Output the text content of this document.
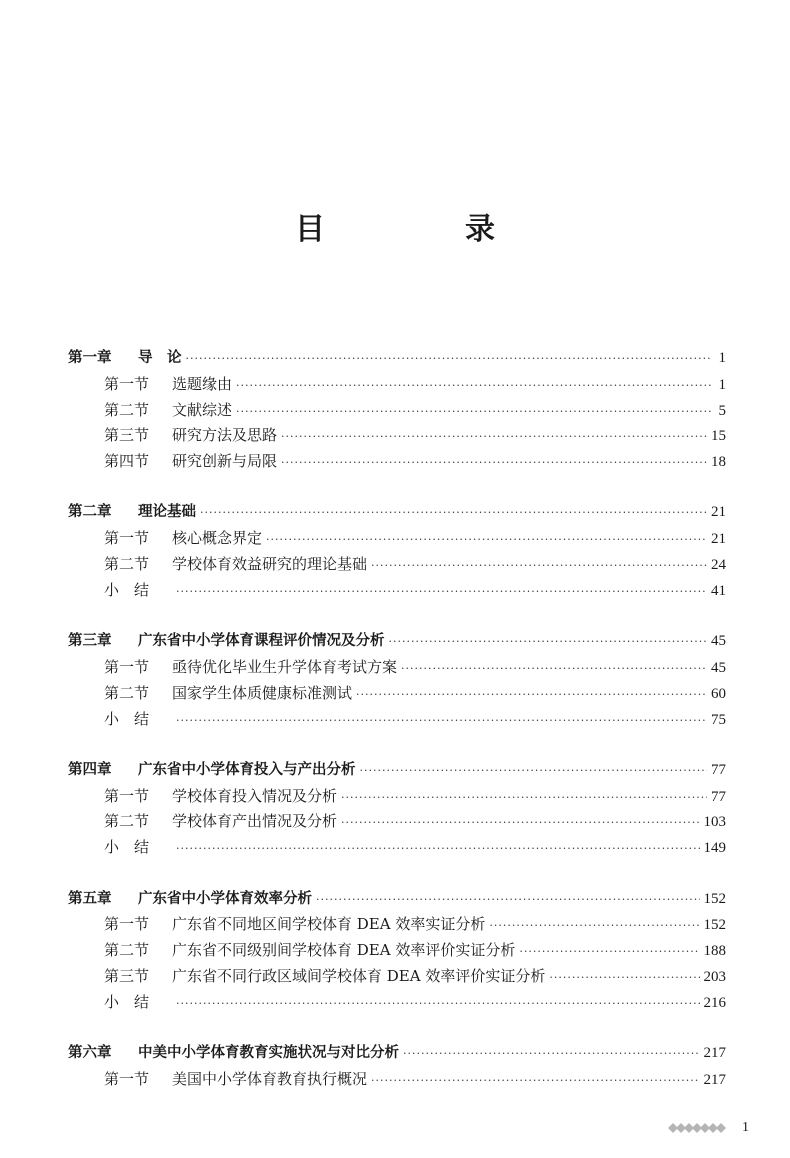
目　录
第一章	导　论 ·····	1
第一节	选题缘由 ·····	1
第二节	文献综述 ·····	5
第三节	研究方法及思路 ·····	15
第四节	研究创新与局限 ·····	18
第二章	理论基础 ·····	21
第一节	核心概念界定 ·····	21
第二节	学校体育效益研究的理论基础 ·····	24
小　结 ·····	41
第三章	广东省中小学体育课程评价情况及分析 ·····	45
第一节	亟待优化毕业生升学体育考试方案 ·····	45
第二节	国家学生体质健康标准测试 ·····	60
小　结 ·····	75
第四章	广东省中小学体育投入与产出分析 ·····	77
第一节	学校体育投入情况及分析 ·····	77
第二节	学校体育产出情况及分析 ·····	103
小　结 ·····	149
第五章	广东省中小学体育效率分析 ·····	152
第一节	广东省不同地区间学校体育 DEA 效率实证分析 ·····	152
第二节	广东省不同级别间学校体育 DEA 效率评价实证分析 ·····	188
第三节	广东省不同行政区域间学校体育 DEA 效率评价实证分析 ·····	203
小　结 ·····	216
第六章	中美中小学体育教育实施状况与对比分析 ·····	217
第一节	美国中小学体育教育执行概况 ·····	217
1
